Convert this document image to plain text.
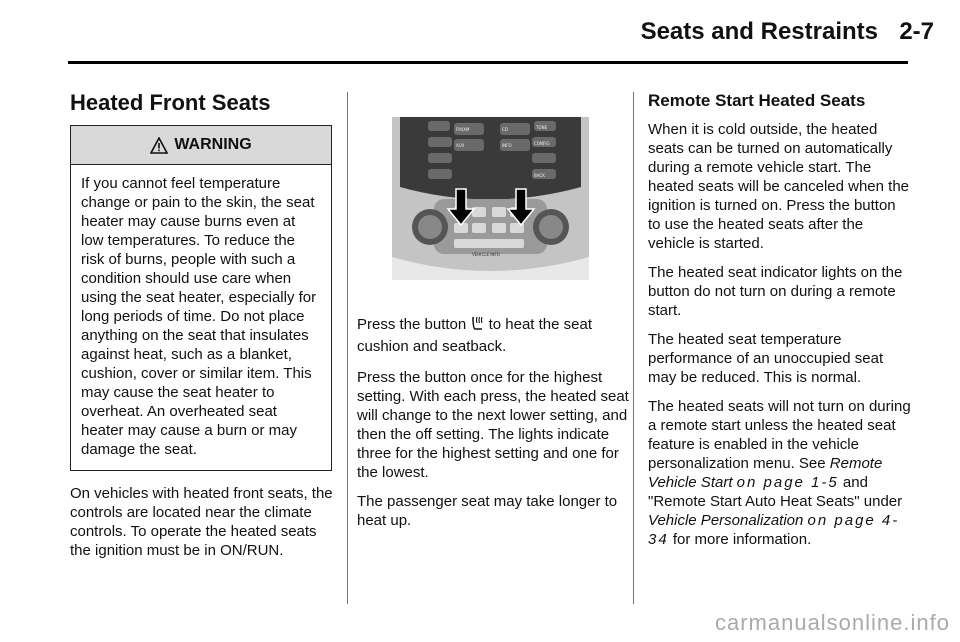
Seats and Restraints 2-7
Heated Front Seats
WARNING
If you cannot feel temperature change or pain to the skin, the seat heater may cause burns even at low temperatures. To reduce the risk of burns, people with such a condition should use care when using the seat heater, especially for long periods of time. Do not place anything on the seat that insulates against heat, such as a blanket, cushion, cover or similar item. This may cause the seat heater to overheat. An overheated seat heater may cause a burn or may damage the seat.

On vehicles with heated front seats, the controls are located near the climate controls. To operate the heated seats the ignition must be in ON/RUN.

FM/XM
AUX
CD	TONE
INFO	CONFIG
BACK
VEHICLE INFO

Press the button to heat the seat cushion and seatback.

Press the button once for the highest setting. With each press, the heated seat will change to the next lower setting, and then the off setting. The lights indicate three for the highest setting and one for the lowest.

The passenger seat may take longer to heat up.

Remote Start Heated Seats

When it is cold outside, the heated seats can be turned on automatically during a remote vehicle start. The heated seats will be canceled when the ignition is turned on. Press the button to use the heated seats after the vehicle is started.

The heated seat indicator lights on the button do not turn on during a remote start.

The heated seat temperature performance of an unoccupied seat may be reduced. This is normal.

The heated seats will not turn on during a remote start unless the heated seat feature is enabled in the vehicle personalization menu. See Remote Vehicle Start on page 1-5 and "Remote Start Auto Heat Seats" under Vehicle Personalization on page 4-34 for more information.

carmanualsonline.info
